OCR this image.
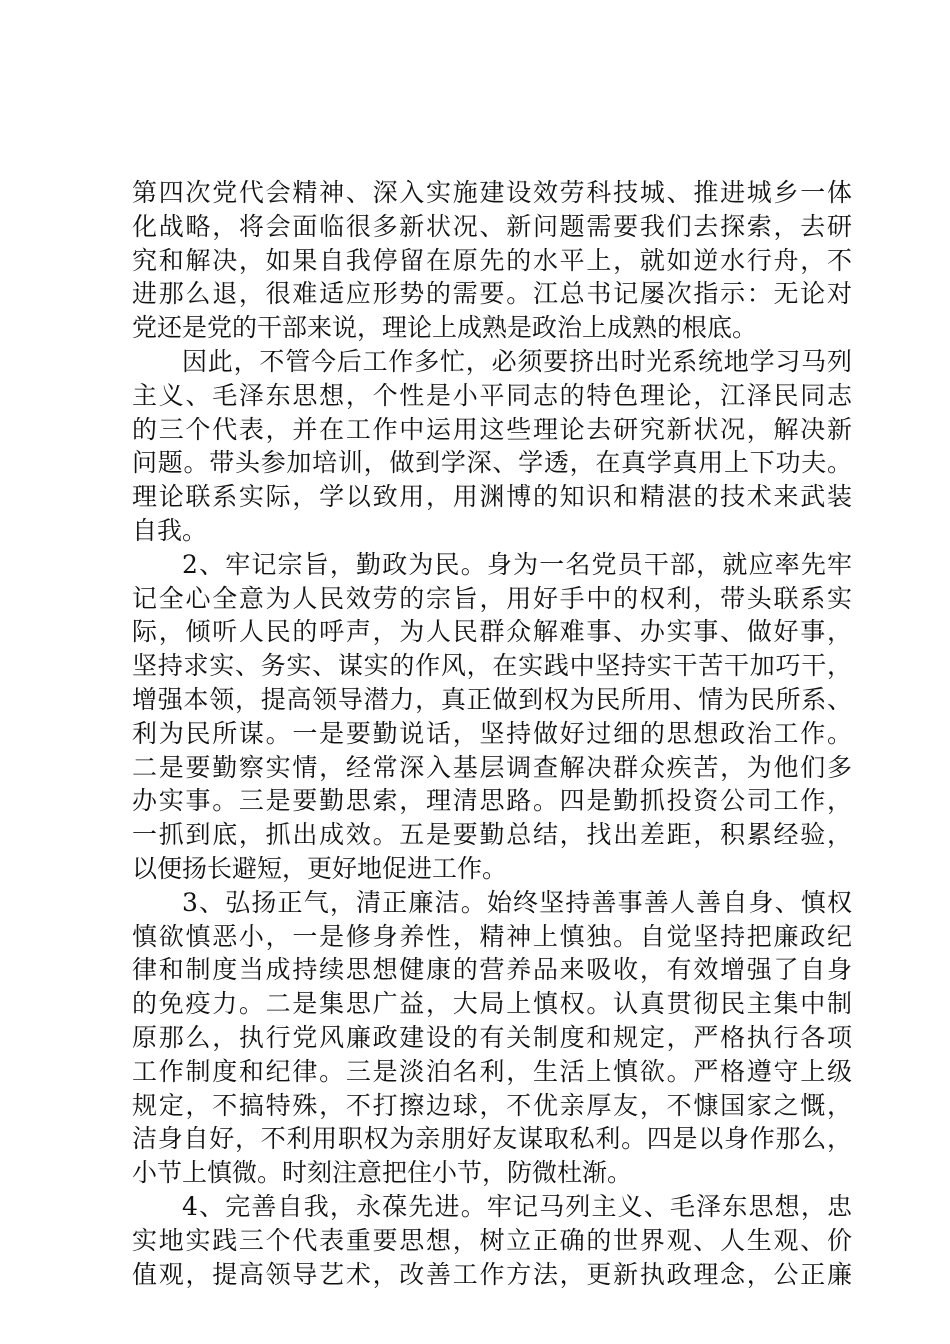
第四次党代会精神、深入实施建设效劳科技城、推进城乡一体
化战略，将会面临很多新状况、新问题需要我们去探索，去研
究和解决，如果自我停留在原先的水平上，就如逆水行舟，不
进那么退，很难适应形势的需要。江总书记屡次指示：无论对
党还是党的干部来说，理论上成熟是政治上成熟的根底。
因此，不管今后工作多忙，必须要挤出时光系统地学习马列
主义、毛泽东思想，个性是小平同志的特色理论，江泽民同志
的三个代表，并在工作中运用这些理论去研究新状况，解决新
问题。带头参加培训，做到学深、学透，在真学真用上下功夫。
理论联系实际，学以致用，用渊博的知识和精湛的技术来武装
自我。
2、牢记宗旨，勤政为民。身为一名党员干部，就应率先牢
记全心全意为人民效劳的宗旨，用好手中的权利，带头联系实
际，倾听人民的呼声，为人民群众解难事、办实事、做好事，
坚持求实、务实、谋实的作风，在实践中坚持实干苦干加巧干，
增强本领，提高领导潜力，真正做到权为民所用、情为民所系、
利为民所谋。一是要勤说话，坚持做好过细的思想政治工作。
二是要勤察实情，经常深入基层调查解决群众疾苦，为他们多
办实事。三是要勤思索，理清思路。四是勤抓投资公司工作，
一抓到底，抓出成效。五是要勤总结，找出差距，积累经验，
以便扬长避短，更好地促进工作。
3、弘扬正气，清正廉洁。始终坚持善事善人善自身、慎权
慎欲慎恶小，一是修身养性，精神上慎独。自觉坚持把廉政纪
律和制度当成持续思想健康的营养品来吸收，有效增强了自身
的免疫力。二是集思广益，大局上慎权。认真贯彻民主集中制
原那么，执行党风廉政建设的有关制度和规定，严格执行各项
工作制度和纪律。三是淡泊名利，生活上慎欲。严格遵守上级
规定，不搞特殊，不打擦边球，不优亲厚友，不慷国家之慨，
洁身自好，不利用职权为亲朋好友谋取私利。四是以身作那么，
小节上慎微。时刻注意把住小节，防微杜渐。
4、完善自我，永葆先进。牢记马列主义、毛泽东思想，忠
实地实践三个代表重要思想，树立正确的世界观、人生观、价
值观，提高领导艺术，改善工作方法，更新执政理念，公正廉
